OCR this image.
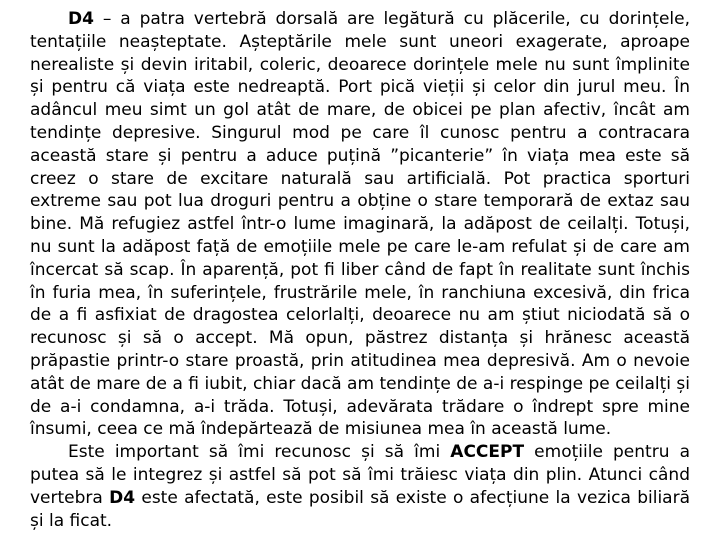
D4 – a patra vertebră dorsală are legătură cu plăcerile, cu dorințele, tentațiile neașteptate. Așteptările mele sunt uneori exagerate, aproape nerealiste și devin iritabil, coleric, deoarece dorințele mele nu sunt împlinite și pentru că viața este nedreaptă. Port pică vieții și celor din jurul meu. În adâncul meu simt un gol atât de mare, de obicei pe plan afectiv, încât am tendințe depresive. Singurul mod pe care îl cunosc pentru a contracara această stare și pentru a aduce puțină ”picanterie” în viața mea este să creez o stare de excitare naturală sau artificială. Pot practica sporturi extreme sau pot lua droguri pentru a obține o stare temporară de extaz sau bine. Mă refugiez astfel într-o lume imaginară, la adăpost de ceilalți. Totuși, nu sunt la adăpost față de emoțiile mele pe care le-am refulat și de care am încercat să scap. În aparență, pot fi liber când de fapt în realitate sunt închis în furia mea, în suferințele, frustrările mele, în ranchiuna excesivă, din frica de a fi asfixiat de dragostea celorlalți, deoarece nu am știut niciodată să o recunosc și să o accept. Mă opun, păstrez distanța și hrănesc această prăpastie printr-o stare proastă, prin atitudinea mea depresivă. Am o nevoie atât de mare de a fi iubit, chiar dacă am tendințe de a-i respinge pe ceilalți și de a-i condamna, a-i trăda. Totuși, adevărata trădare o îndrept spre mine însumi, ceea ce mă îndepărtează de misiunea mea în această lume.

Este important să îmi recunosc și să îmi ACCEPT emoțiile pentru a putea să le integrez și astfel să pot să îmi trăiesc viața din plin. Atunci când vertebra D4 este afectată, este posibil să existe o afecțiune la vezica biliară și la ficat.
